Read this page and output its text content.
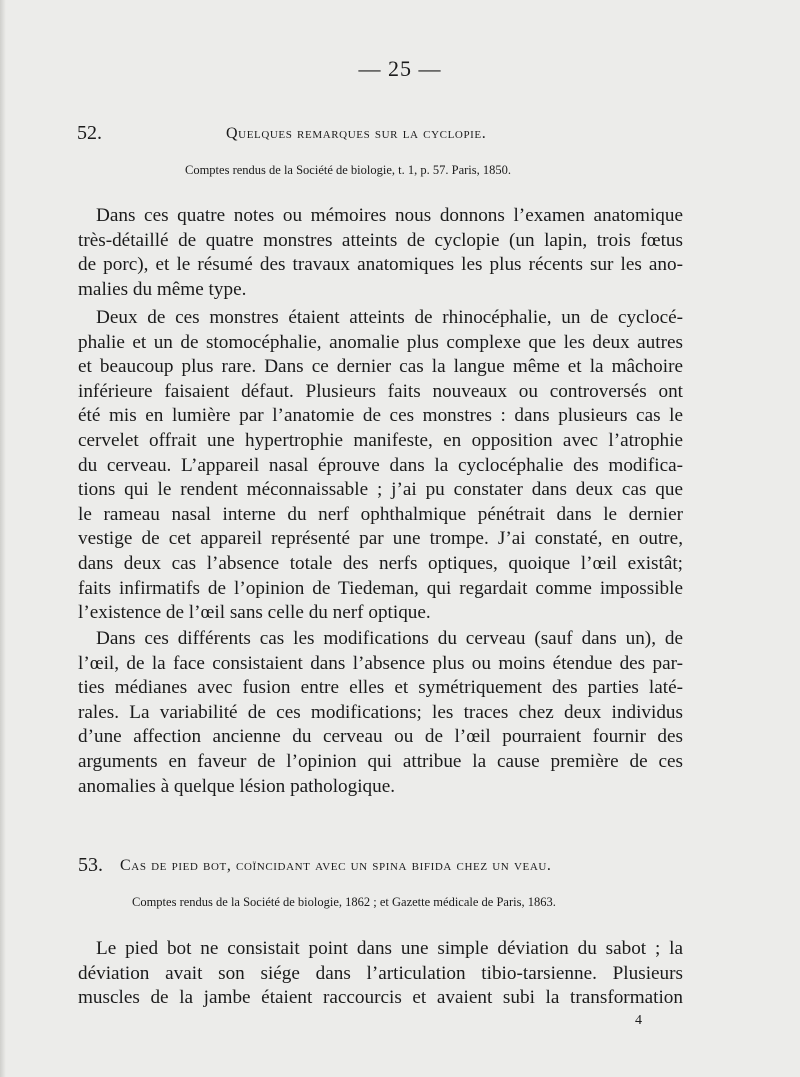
— 25 —
52.	Quelques remarques sur la cyclopie.
Comptes rendus de la Société de biologie, t. 1, p. 57. Paris, 1850.
Dans ces quatre notes ou mémoires nous donnons l’examen anatomique
très-détaillé de quatre monstres atteints de cyclopie (un lapin, trois fœtus
de porc), et le résumé des travaux anatomiques les plus récents sur les ano-
malies du même type.
Deux de ces monstres étaient atteints de rhinocéphalie, un de cyclocé-
phalie et un de stomocéphalie, anomalie plus complexe que les deux autres
et beaucoup plus rare. Dans ce dernier cas la langue même et la mâchoire
inférieure faisaient défaut. Plusieurs faits nouveaux ou controversés ont
été mis en lumière par l’anatomie de ces monstres : dans plusieurs cas le
cervelet offrait une hypertrophie manifeste, en opposition avec l’atrophie
du cerveau. L’appareil nasal éprouve dans la cyclocéphalie des modifica-
tions qui le rendent méconnaissable ; j’ai pu constater dans deux cas que
le rameau nasal interne du nerf ophthalmique pénétrait dans le dernier
vestige de cet appareil représenté par une trompe. J’ai constaté, en outre,
dans deux cas l’absence totale des nerfs optiques, quoique l’œil existât;
faits infirmatifs de l’opinion de Tiedeman, qui regardait comme impossible
l’existence de l’œil sans celle du nerf optique.
Dans ces différents cas les modifications du cerveau (sauf dans un), de
l’œil, de la face consistaient dans l’absence plus ou moins étendue des par-
ties médianes avec fusion entre elles et symétriquement des parties laté-
rales. La variabilité de ces modifications; les traces chez deux individus
d’une affection ancienne du cerveau ou de l’œil pourraient fournir des
arguments en faveur de l’opinion qui attribue la cause première de ces
anomalies à quelque lésion pathologique.
53. Cas de pied bot, coïncidant avec un spina bifida chez un veau.
Comptes rendus de la Société de biologie, 1862 ; et Gazette médicale de Paris, 1863.
Le pied bot ne consistait point dans une simple déviation du sabot ; la
déviation avait son siége dans l’articulation tibio-tarsienne. Plusieurs
muscles de la jambe étaient raccourcis et avaient subi la transformation
4
